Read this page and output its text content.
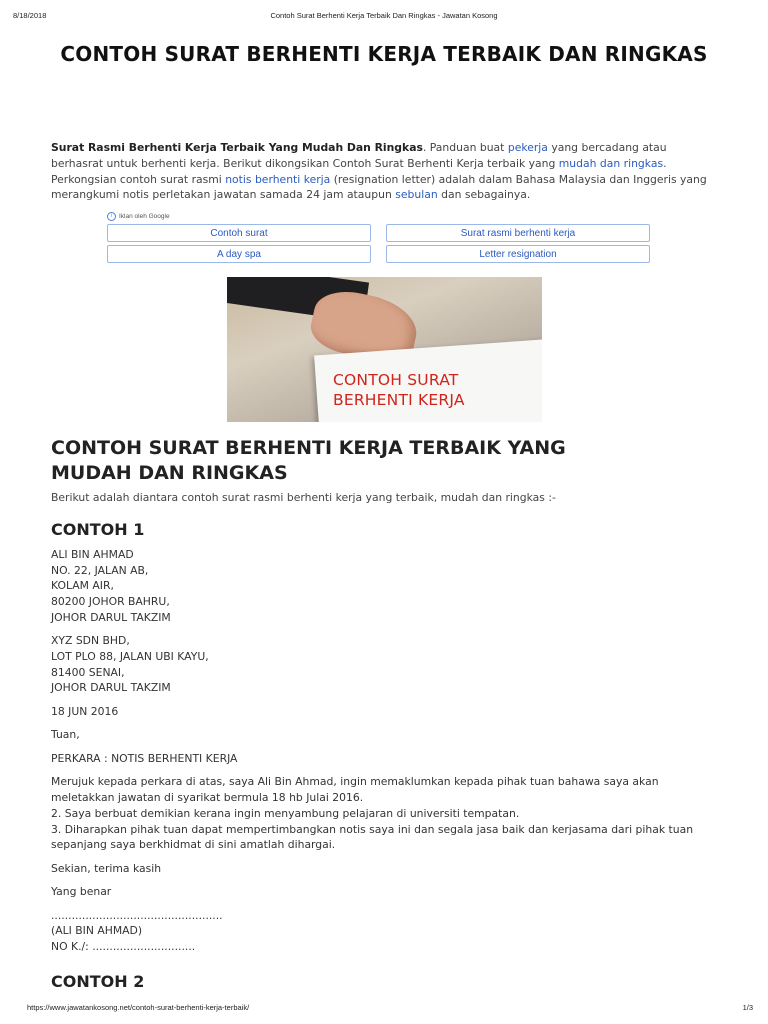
8/18/2018	Contoh Surat Berhenti Kerja Terbaik Dan Ringkas - Jawatan Kosong
CONTOH SURAT BERHENTI KERJA TERBAIK DAN RINGKAS

Surat Rasmi Berhenti Kerja Terbaik Yang Mudah Dan Ringkas. Panduan buat pekerja yang bercadang atau berhasrat untuk berhenti kerja. Berikut dikongsikan Contoh Surat Berhenti Kerja terbaik yang mudah dan ringkas. Perkongsian contoh surat rasmi notis berhenti kerja (resignation letter) adalah dalam Bahasa Malaysia dan Inggeris yang merangkumi notis perletakan jawatan samada 24 jam ataupun sebulan dan sebagainya.

i	Iklan oleh Google
Contoh surat	Surat rasmi berhenti kerja
A day spa	Letter resignation
CONTOH SURAT
BERHENTI KERJA
CONTOH SURAT BERHENTI KERJA TERBAIK YANG
MUDAH DAN RINGKAS

Berikut adalah diantara contoh surat rasmi berhenti kerja yang terbaik, mudah dan ringkas :-

CONTOH 1
ALI BIN AHMAD
NO. 22, JALAN AB,
KOLAM AIR,
80200 JOHOR BAHRU,
JOHOR DARUL TAKZIM
XYZ SDN BHD,
LOT PLO 88, JALAN UBI KAYU,
81400 SENAI,
JOHOR DARUL TAKZIM
18 JUN 2016
Tuan,
PERKARA : NOTIS BERHENTI KERJA
Merujuk kepada perkara di atas, saya Ali Bin Ahmad, ingin memaklumkan kepada pihak tuan bahawa saya akan
meletakkan jawatan di syarikat bermula 18 hb Julai 2016.
2. Saya berbuat demikian kerana ingin menyambung pelajaran di universiti tempatan.
3. Diharapkan pihak tuan dapat mempertimbangkan notis saya ini dan segala jasa baik dan kerjasama dari pihak tuan
sepanjang saya berkhidmat di sini amatlah dihargai.
Sekian, terima kasih
Yang benar
..................................................
(ALI BIN AHMAD)
NO K./: ..............................
CONTOH 2
https://www.jawatankosong.net/contoh-surat-berhenti-kerja-terbaik/	1/3
